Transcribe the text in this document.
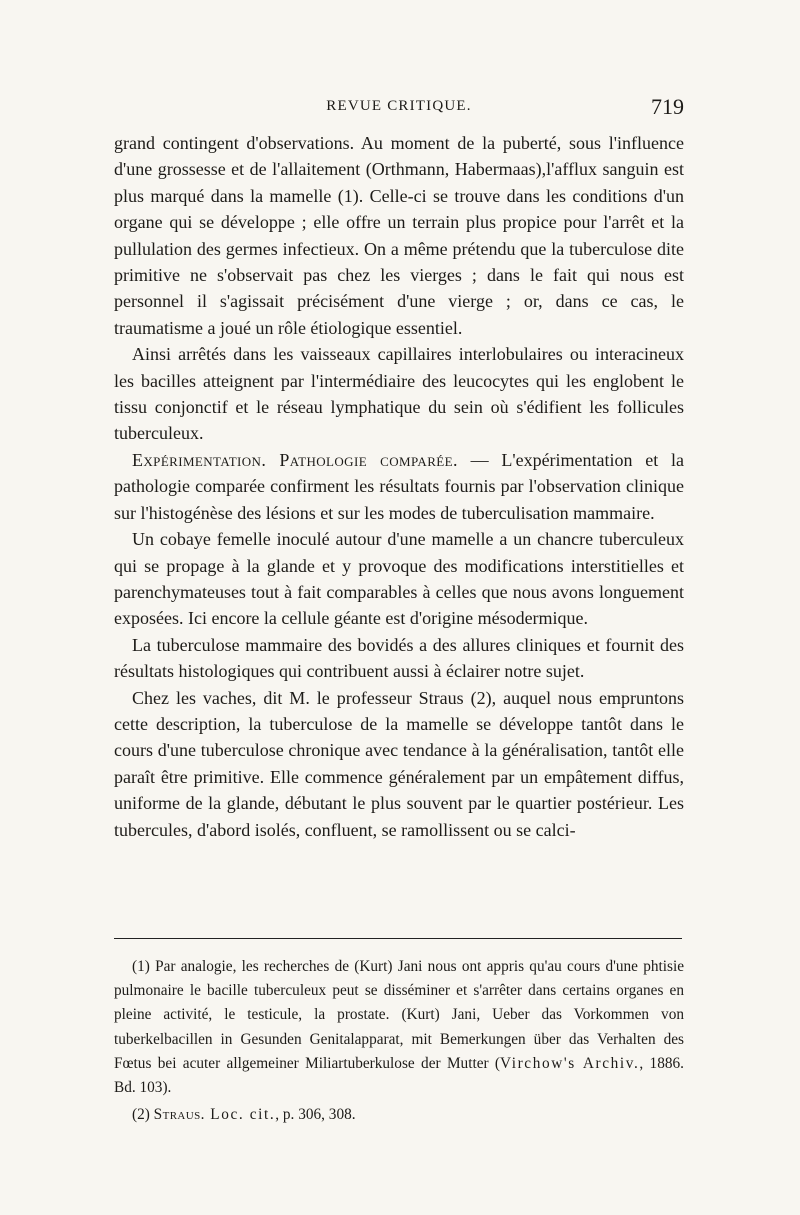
REVUE CRITIQUE.	719

grand contingent d'observations. Au moment de la puberté, sous l'influence d'une grossesse et de l'allaitement (Orthmann, Habermaas),l'afflux sanguin est plus marqué dans la mamelle (1). Celle-ci se trouve dans les conditions d'un organe qui se développe ; elle offre un terrain plus propice pour l'arrêt et la pullulation des germes infectieux. On a même prétendu que la tuberculose dite primitive ne s'observait pas chez les vierges ; dans le fait qui nous est personnel il s'agissait précisément d'une vierge ; or, dans ce cas, le traumatisme a joué un rôle étiologique essentiel.

Ainsi arrêtés dans les vaisseaux capillaires interlobulaires ou interacineux les bacilles atteignent par l'intermédiaire des leucocytes qui les englobent le tissu conjonctif et le réseau lymphatique du sein où s'édifient les follicules tuberculeux.

Expérimentation. Pathologie comparée. — L'expérimentation et la pathologie comparée confirment les résultats fournis par l'observation clinique sur l'histogénèse des lésions et sur les modes de tuberculisation mammaire.

Un cobaye femelle inoculé autour d'une mamelle a un chancre tuberculeux qui se propage à la glande et y provoque des modifications interstitielles et parenchymateuses tout à fait comparables à celles que nous avons longuement exposées. Ici encore la cellule géante est d'origine mésodermique.

La tuberculose mammaire des bovidés a des allures cliniques et fournit des résultats histologiques qui contribuent aussi à éclairer notre sujet.

Chez les vaches, dit M. le professeur Straus (2), auquel nous empruntons cette description, la tuberculose de la mamelle se développe tantôt dans le cours d'une tuberculose chronique avec tendance à la généralisation, tantôt elle paraît être primitive. Elle commence généralement par un empâtement diffus, uniforme de la glande, débutant le plus souvent par le quartier postérieur. Les tubercules, d'abord isolés, confluent, se ramollissent ou se calci-

(1) Par analogie, les recherches de (Kurt) Jani nous ont appris qu'au cours d'une phtisie pulmonaire le bacille tuberculeux peut se disséminer et s'arrêter dans certains organes en pleine activité, le testicule, la prostate. (Kurt) Jani, Ueber das Vorkommen von tuberkelbacillen in Gesunden Genitalapparat, mit Bemerkungen über das Verhalten des Fœtus bei acuter allgemeiner Miliartuberkulose der Mutter (Virchow's Archiv., 1886. Bd. 103).

(2) Straus. Loc. cit., p. 306, 308.
